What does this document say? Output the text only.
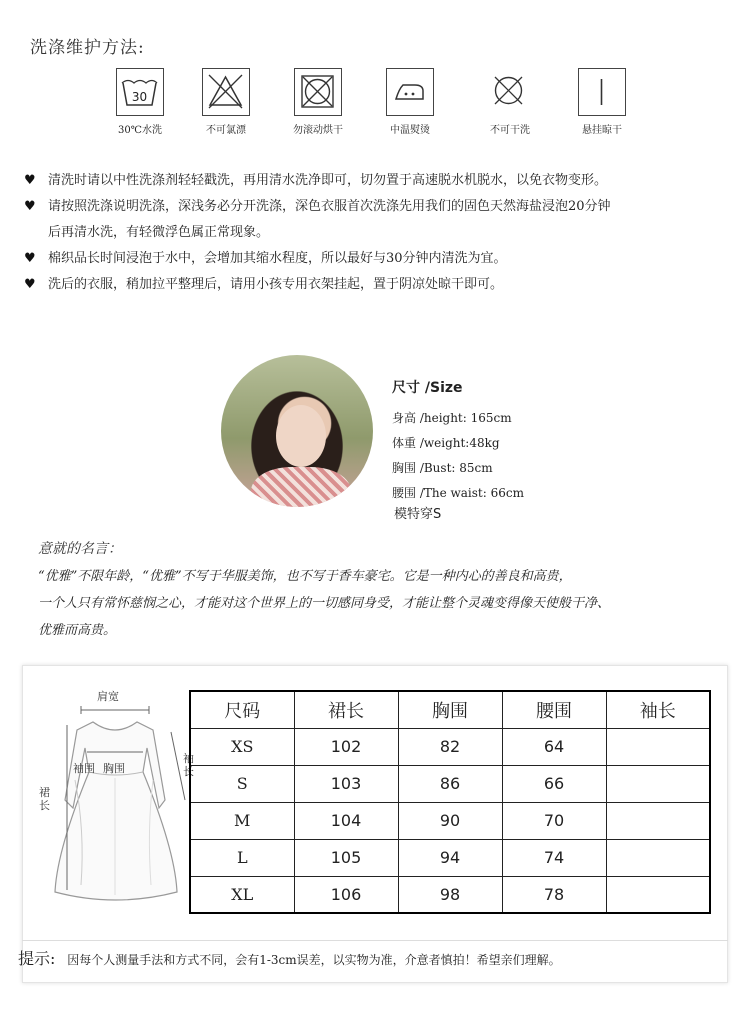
洗涤维护方法:
30
30℃水洗	不可氯漂	勿滚动烘干	中温熨烫	不可干洗	悬挂晾干
♥ 清洗时请以中性洗涤剂轻轻戳洗，再用清水洗净即可，切勿置于高速脱水机脱水，以免衣物变形。
♥ 请按照洗涤说明洗涤，深浅务必分开洗涤，深色衣服首次洗涤先用我们的固色天然海盐浸泡20分钟
后再清水洗，有轻微浮色属正常现象。
♥ 棉织品长时间浸泡于水中，会增加其缩水程度，所以最好与30分钟内清洗为宜。
♥ 洗后的衣服，稍加拉平整理后，请用小孩专用衣架挂起，置于阴凉处晾干即可。
尺寸 /Size
身高 /height: 165cm
体重 /weight:48kg
胸围 /Bust: 85cm
腰围 /The waist: 66cm
模特穿S
意就的名言：
“优雅”不限年龄，“优雅”不写于华服美饰，也不写于香车豪宅。它是一种内心的善良和高贵，
一个人只有常怀慈悯之心，才能对这个世界上的一切感同身受，才能让整个灵魂变得像天使般干净、
优雅而高贵。
肩宽
袖围 胸围
袖长
裙长
尺码	裙长	胸围	腰围	袖长
XS	102	82	64	
S	103	86	66	
M	104	90	70	
L	105	94	74	
XL	106	98	78	
提示: 因每个人测量手法和方式不同，会有1-3cm误差，以实物为准，介意者慎拍！希望亲们理解。
